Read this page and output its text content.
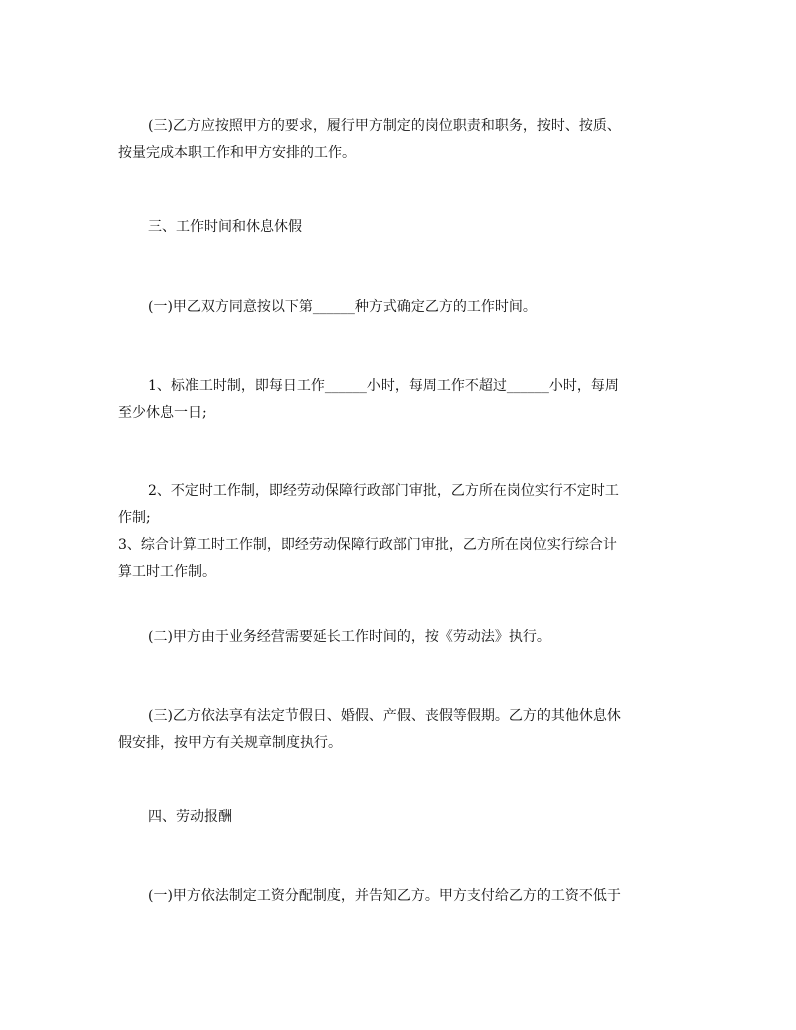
(三)乙方应按照甲方的要求，履行甲方制定的岗位职责和职务，按时、按质、
按量完成本职工作和甲方安排的工作。
三、工作时间和休息休假
(一)甲乙双方同意按以下第______种方式确定乙方的工作时间。
1、标准工时制，即每日工作______小时，每周工作不超过______小时，每周
至少休息一日;
2、不定时工作制，即经劳动保障行政部门审批，乙方所在岗位实行不定时工
作制;
3、综合计算工时工作制，即经劳动保障行政部门审批，乙方所在岗位实行综合计
算工时工作制。
(二)甲方由于业务经营需要延长工作时间的，按《劳动法》执行。
(三)乙方依法享有法定节假日、婚假、产假、丧假等假期。乙方的其他休息休
假安排，按甲方有关规章制度执行。
四、劳动报酬
(一)甲方依法制定工资分配制度，并告知乙方。甲方支付给乙方的工资不低于
